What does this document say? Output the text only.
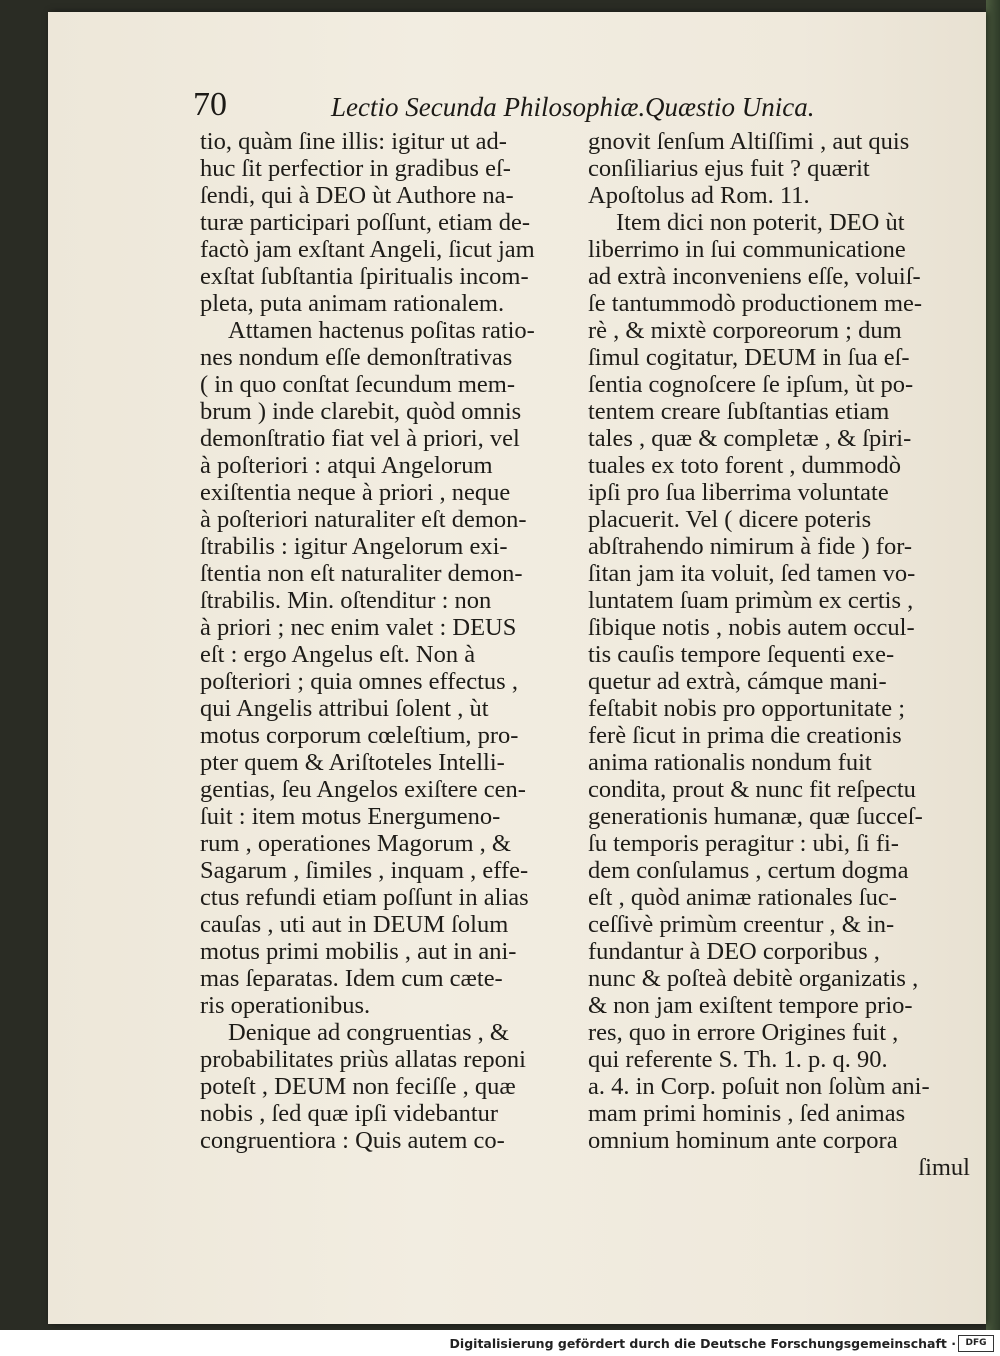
70	Lectio Secunda Philosophiæ. Quæstio Unica.
tio, quàm ſine illis: igitur ut ad-
huc ſit perfectior in gradibus eſ-
ſendi, qui à DEO ùt Authore na-
turæ participari poſſunt, etiam de-
factò jam exſtant Angeli, ſicut jam
exſtat ſubſtantia ſpiritualis incom-
pleta, puta animam rationalem.
Attamen hactenus poſitas ratio-
nes nondum eſſe demonſtrativas
( in quo conſtat ſecundum mem-
brum ) inde clarebit, quòd omnis
demonſtratio fiat vel à priori, vel
à poſteriori : atqui Angelorum
exiſtentia neque à priori , neque
à poſteriori naturaliter eſt demon-
ſtrabilis : igitur Angelorum exi-
ſtentia non eſt naturaliter demon-
ſtrabilis. Min. oſtenditur : non
à priori ; nec enim valet : DEUS
eſt : ergo Angelus eſt. Non à
poſteriori ; quia omnes effectus ,
qui Angelis attribui ſolent , ùt
motus corporum cœleſtium, pro-
pter quem & Ariſtoteles Intelli-
gentias, ſeu Angelos exiſtere cen-
ſuit : item motus Energumeno-
rum , operationes Magorum , &
Sagarum , ſimiles , inquam , effe-
ctus refundi etiam poſſunt in alias
cauſas , uti aut in DEUM ſolum
motus primi mobilis , aut in ani-
mas ſeparatas. Idem cum cæte-
ris operationibus.
Denique ad congruentias , &
probabilitates priùs allatas reponi
poteſt , DEUM non feciſſe , quæ
nobis , ſed quæ ipſi videbantur
congruentiora : Quis autem co-
gnovit ſenſum Altiſſimi , aut quis
conſiliarius ejus fuit ? quærit
Apoſtolus ad Rom. 11.
Item dici non poterit, DEO ùt
liberrimo in ſui communicatione
ad extrà inconveniens eſſe, voluiſ-
ſe tantummodò productionem me-
rè , & mixtè corporeorum ; dum
ſimul cogitatur, DEUM in ſua eſ-
ſentia cognoſcere ſe ipſum, ùt po-
tentem creare ſubſtantias etiam
tales , quæ & completæ , & ſpiri-
tuales ex toto forent , dummodò
ipſi pro ſua liberrima voluntate
placuerit. Vel ( dicere poteris
abſtrahendo nimirum à fide ) for-
ſitan jam ita voluit, ſed tamen vo-
luntatem ſuam primùm ex certis ,
ſibique notis , nobis autem occul-
tis cauſis tempore ſequenti exe-
quetur ad extrà, cámque mani-
feſtabit nobis pro opportunitate ;
ferè ſicut in prima die creationis
anima rationalis nondum fuit
condita, prout & nunc fit reſpectu
generationis humanæ, quæ ſucceſ-
ſu temporis peragitur : ubi, ſi fi-
dem conſulamus , certum dogma
eſt , quòd animæ rationales ſuc-
ceſſivè primùm creentur , & in-
fundantur à DEO corporibus ,
nunc & poſteà debitè organizatis ,
& non jam exiſtent tempore prio-
res, quo in errore Origines fuit ,
qui referente S. Th. 1. p. q. 90.
a. 4. in Corp. poſuit non ſolùm ani-
mam primi hominis , ſed animas
omnium hominum ante corpora
ſimul
Digitalisierung gefördert durch die Deutsche Forschungsgemeinschaft ·	DFG
